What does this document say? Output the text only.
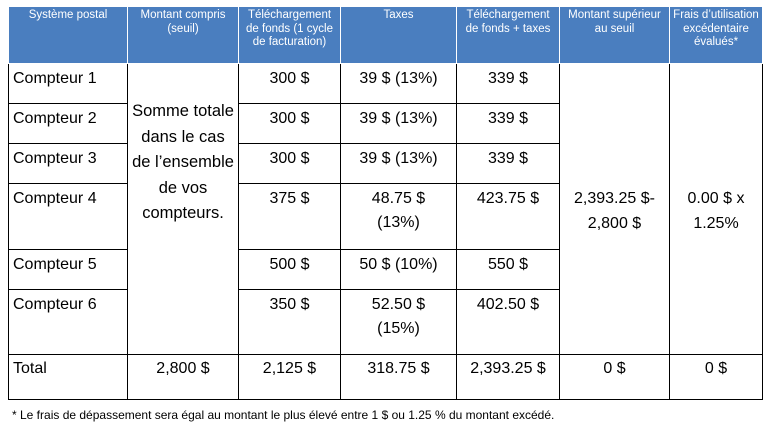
Système postal	Montant compris (seuil)	Téléchargement de fonds (1 cycle de facturation)	Taxes	Téléchargement de fonds + taxes	Montant supérieur au seuil	Frais d’utilisation excédentaire évalués*
Compteur 1	Somme totale dans le cas de l’ensemble de vos compteurs.	300 $	39 $ (13%)	339 $	2,393.25 $- 2,800 $	0.00 $ x 1.25%
Compteur 2		300 $	39 $ (13%)	339 $		
Compteur 3		300 $	39 $ (13%)	339 $		
Compteur 4		375 $	48.75 $ (13%)	423.75 $		
Compteur 5		500 $	50 $ (10%)	550 $		
Compteur 6		350 $	52.50 $ (15%)	402.50 $		
Total	2,800 $	2,125 $	318.75 $	2,393.25 $	0 $	0 $
* Le frais de dépassement sera égal au montant le plus élevé entre 1 $ ou 1.25 % du montant excédé.
